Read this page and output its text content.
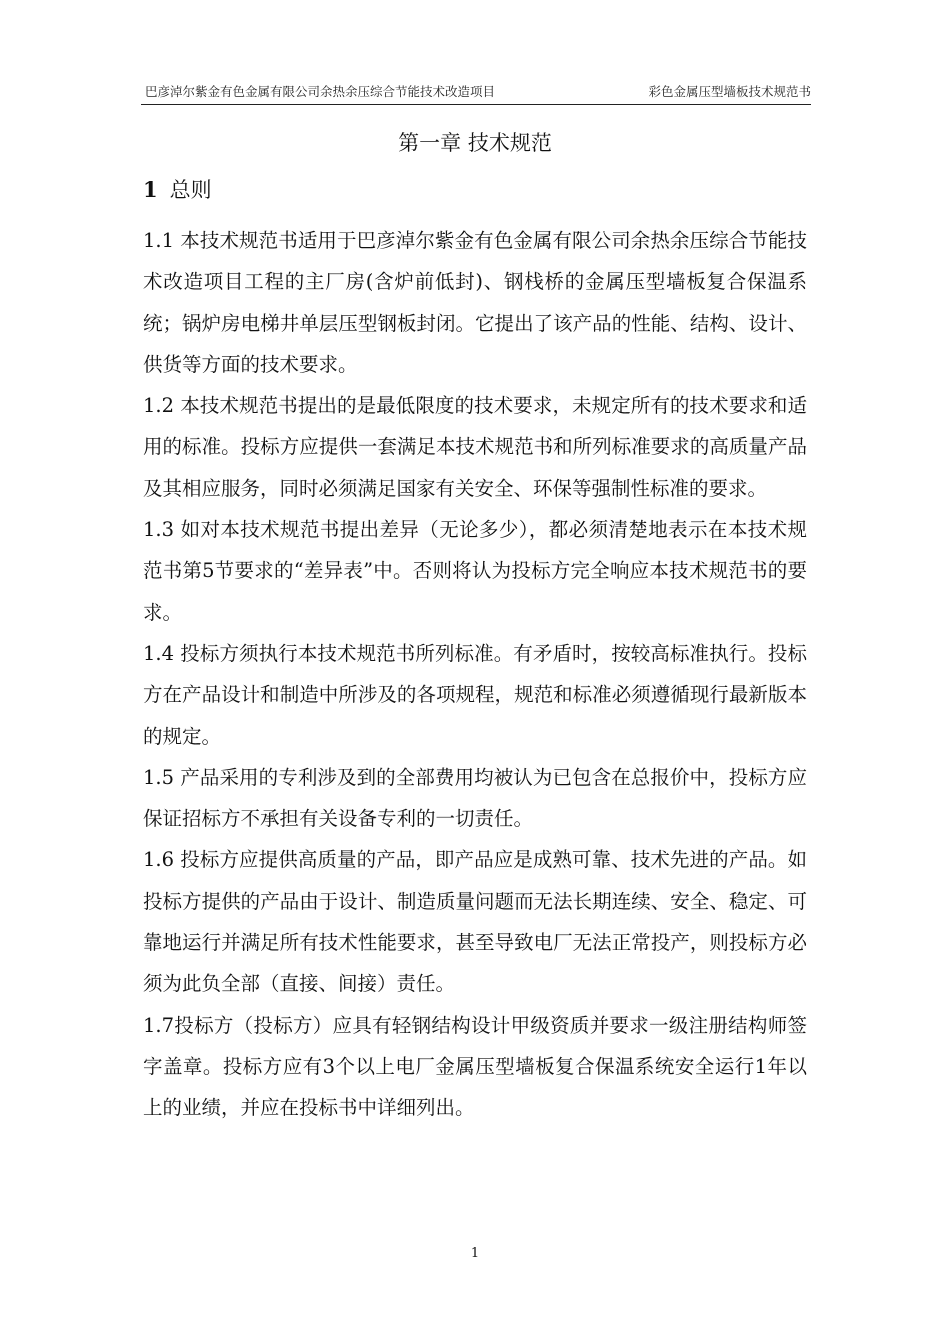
巴彦淖尔紫金有色金属有限公司余热余压综合节能技术改造项目	彩色金属压型墙板技术规范书
第一章 技术规范
1 总则

1.1 本技术规范书适用于巴彦淖尔紫金有色金属有限公司余热余压综合节能技术改造项目工程的主厂房(含炉前低封)、钢栈桥的金属压型墙板复合保温系统；锅炉房电梯井单层压型钢板封闭。它提出了该产品的性能、结构、设计、供货等方面的技术要求。

1.2 本技术规范书提出的是最低限度的技术要求，未规定所有的技术要求和适用的标准。投标方应提供一套满足本技术规范书和所列标准要求的高质量产品及其相应服务，同时必须满足国家有关安全、环保等强制性标准的要求。

1.3 如对本技术规范书提出差异（无论多少），都必须清楚地表示在本技术规范书第5节要求的“差异表”中。否则将认为投标方完全响应本技术规范书的要求。

1.4 投标方须执行本技术规范书所列标准。有矛盾时，按较高标准执行。投标方在产品设计和制造中所涉及的各项规程，规范和标准必须遵循现行最新版本的规定。

1.5 产品采用的专利涉及到的全部费用均被认为已包含在总报价中，投标方应保证招标方不承担有关设备专利的一切责任。

1.6 投标方应提供高质量的产品，即产品应是成熟可靠、技术先进的产品。如投标方提供的产品由于设计、制造质量问题而无法长期连续、安全、稳定、可靠地运行并满足所有技术性能要求，甚至导致电厂无法正常投产，则投标方必须为此负全部（直接、间接）责任。

1.7投标方（投标方）应具有轻钢结构设计甲级资质并要求一级注册结构师签字盖章。投标方应有3个以上电厂金属压型墙板复合保温系统安全运行1年以上的业绩，并应在投标书中详细列出。

1
